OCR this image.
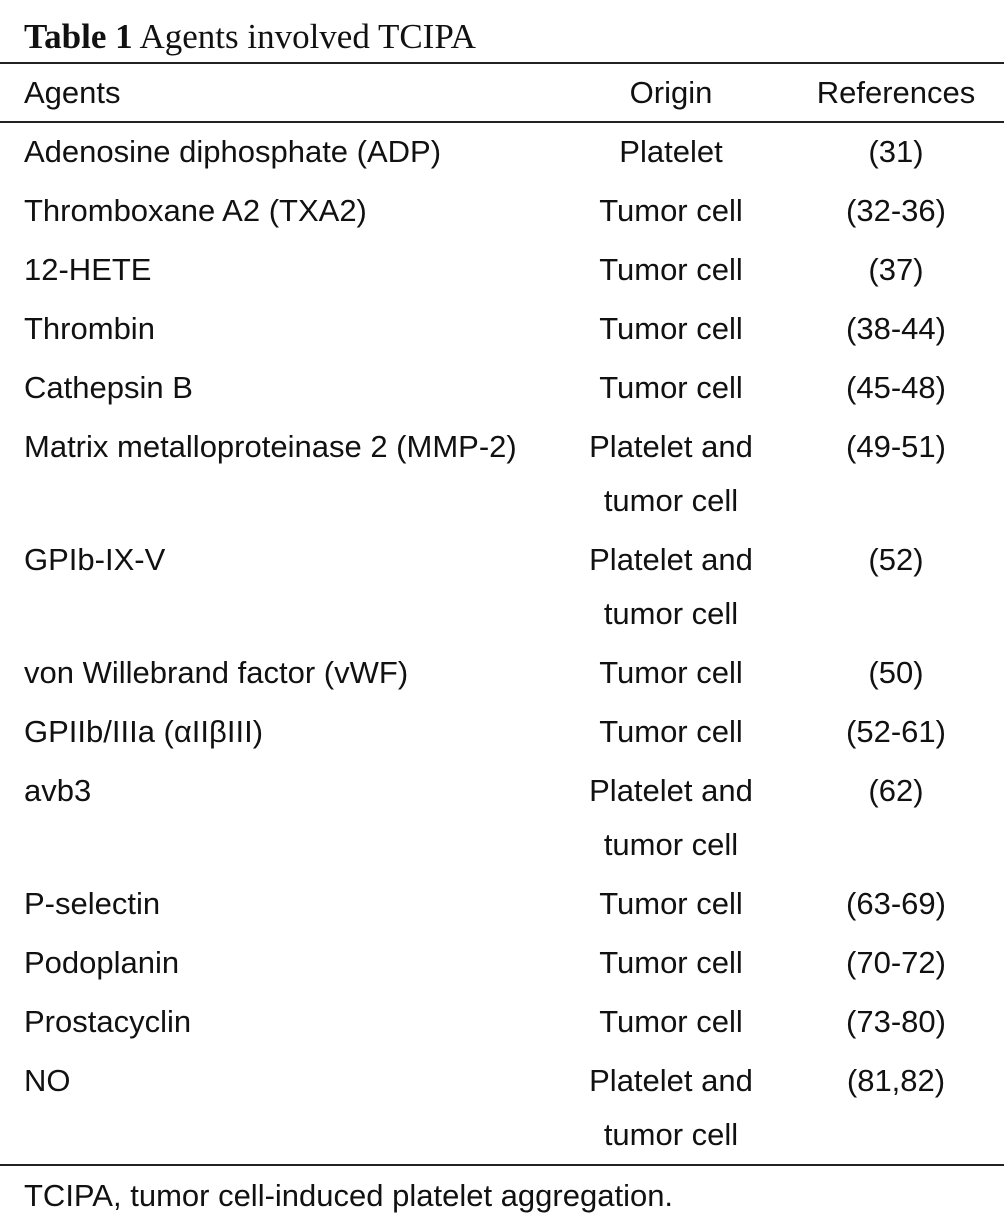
Table 1 Agents involved TCIPA
Agents	Origin	References
Adenosine diphosphate (ADP)	Platelet	(31)
Thromboxane A2 (TXA2)	Tumor cell	(32-36)
12-HETE	Tumor cell	(37)
Thrombin	Tumor cell	(38-44)
Cathepsin B	Tumor cell	(45-48)
Matrix metalloproteinase 2 (MMP-2)	Platelet and tumor cell	(49-51)
GPIb-IX-V	Platelet and tumor cell	(52)
von Willebrand factor (vWF)	Tumor cell	(50)
GPIIb/IIIa (αIIβIII)	Tumor cell	(52-61)
avb3	Platelet and tumor cell	(62)
P-selectin	Tumor cell	(63-69)
Podoplanin	Tumor cell	(70-72)
Prostacyclin	Tumor cell	(73-80)
NO	Platelet and tumor cell	(81,82)
TCIPA, tumor cell-induced platelet aggregation.
